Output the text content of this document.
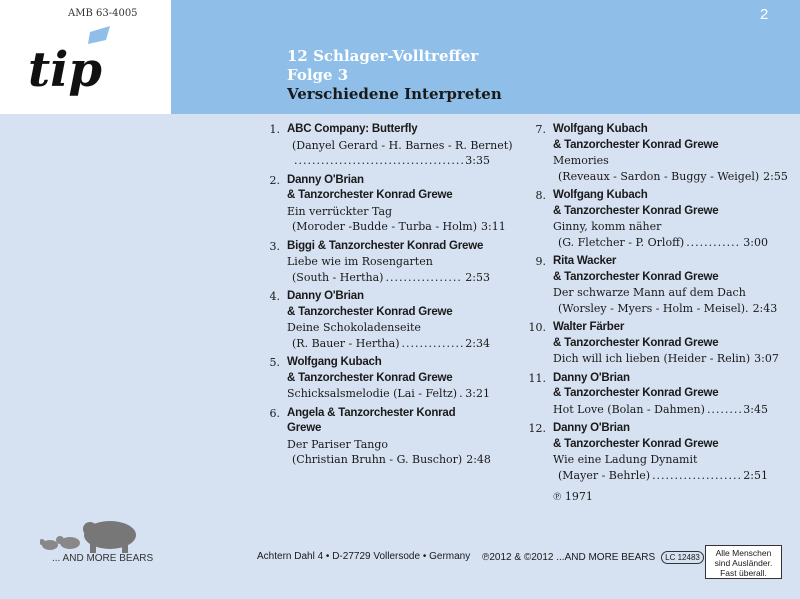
AMB 63-4005
tip
2
12 Schlager-Volltreffer
Folge 3
Verschiedene Interpreten
1. ABC Company: Butterfly
(Danyel Gerard - H. Barnes - R. Bernet)
.....
3:35
2. Danny O'Brian
& Tanzorchester Konrad Grewe
Ein verrückter Tag
(Moroder -Budde - Turba - Holm) 3:11
3. Biggi & Tanzorchester Konrad Grewe
Liebe wie im Rosengarten
(South - Hertha) .....	2:53
4. Danny O'Brian
& Tanzorchester Konrad Grewe
Deine Schokoladenseite
(R. Bauer - Hertha) .....	2:34
5. Wolfgang Kubach
& Tanzorchester Konrad Grewe
Schicksalsmelodie (Lai - Feltz) ..... 3:21
6. Angela & Tanzorchester Konrad Grewe
Der Pariser Tango
(Christian Bruhn - G. Buschor) 2:48
7. Wolfgang Kubach
& Tanzorchester Konrad Grewe
Memories
(Reveaux - Sardon - Buggy - Weigel) 2:55
8. Wolfgang Kubach
& Tanzorchester Konrad Grewe
Ginny, komm näher
(G. Fletcher - P. Orloff) .....	3:00
9. Rita Wacker
& Tanzorchester Konrad Grewe
Der schwarze Mann auf dem Dach
(Worsley - Myers - Holm - Meisel). 2:43
10. Walter Färber
& Tanzorchester Konrad Grewe
Dich will ich lieben (Heider - Relin) 3:07
11. Danny O'Brian
& Tanzorchester Konrad Grewe
Hot Love (Bolan - Dahmen) .....	3:45
12. Danny O'Brian
& Tanzorchester Konrad Grewe
Wie eine Ladung Dynamit
(Mayer - Behrle) .....	2:51
℗ 1971
... AND MORE BEARS	Achtern Dahl 4 • D-27729 Vollersode • Germany ℗2012 & ©2012 ...AND MORE BEARS	LC 12483	Alle Menschen
sind Ausländer.
Fast überall.
